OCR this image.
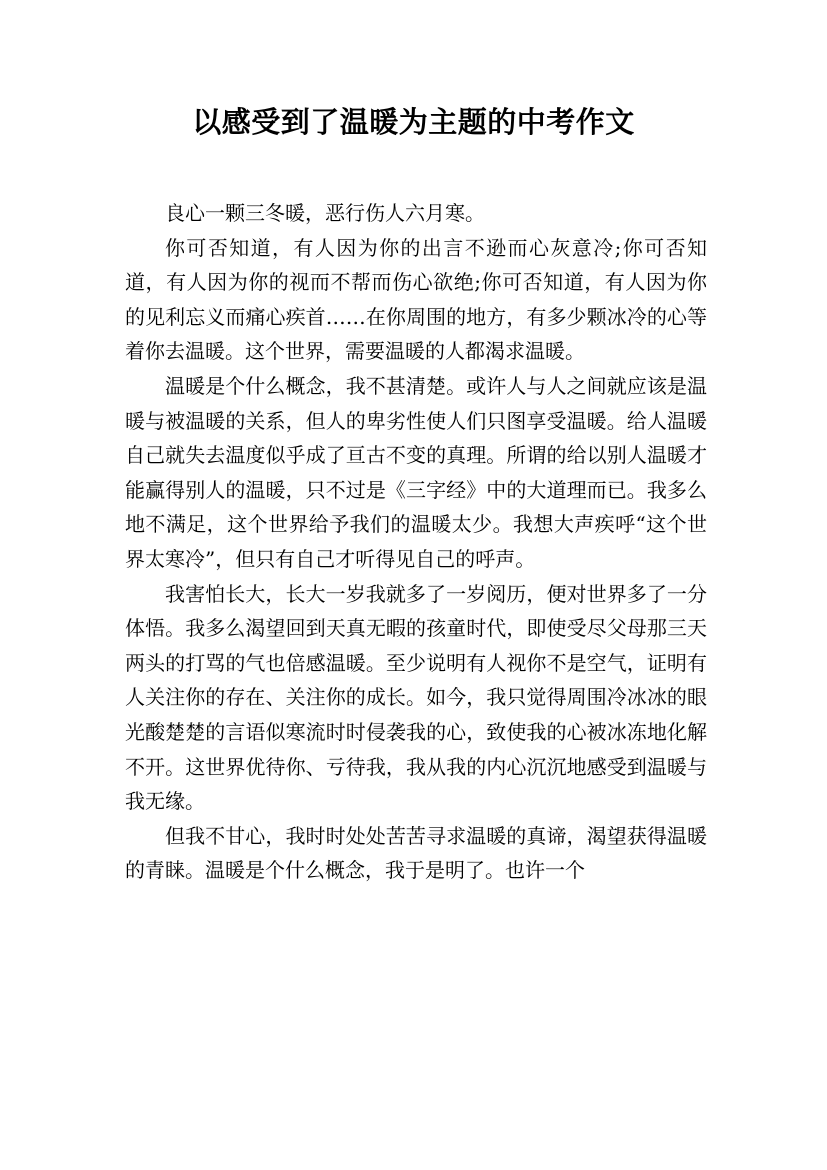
以感受到了温暖为主题的中考作文

良心一颗三冬暖，恶行伤人六月寒。

你可否知道，有人因为你的出言不逊而心灰意冷;你可否知道，有人因为你的视而不帮而伤心欲绝;你可否知道，有人因为你的见利忘义而痛心疾首……在你周围的地方，有多少颗冰冷的心等着你去温暖。这个世界，需要温暖的人都渴求温暖。

温暖是个什么概念，我不甚清楚。或许人与人之间就应该是温暖与被温暖的关系，但人的卑劣性使人们只图享受温暖。给人温暖自己就失去温度似乎成了亘古不变的真理。所谓的给以别人温暖才能赢得别人的温暖，只不过是《三字经》中的大道理而已。我多么地不满足，这个世界给予我们的温暖太少。我想大声疾呼“这个世界太寒冷”，但只有自己才听得见自己的呼声。

我害怕长大，长大一岁我就多了一岁阅历，便对世界多了一分体悟。我多么渴望回到天真无暇的孩童时代，即使受尽父母那三天两头的打骂的气也倍感温暖。至少说明有人视你不是空气，证明有人关注你的存在、关注你的成长。如今，我只觉得周围冷冰冰的眼光酸楚楚的言语似寒流时时侵袭我的心，致使我的心被冰冻地化解不开。这世界优待你、亏待我，我从我的内心沉沉地感受到温暖与我无缘。

但我不甘心，我时时处处苦苦寻求温暖的真谛，渴望获得温暖的青睐。温暖是个什么概念，我于是明了。也许一个
